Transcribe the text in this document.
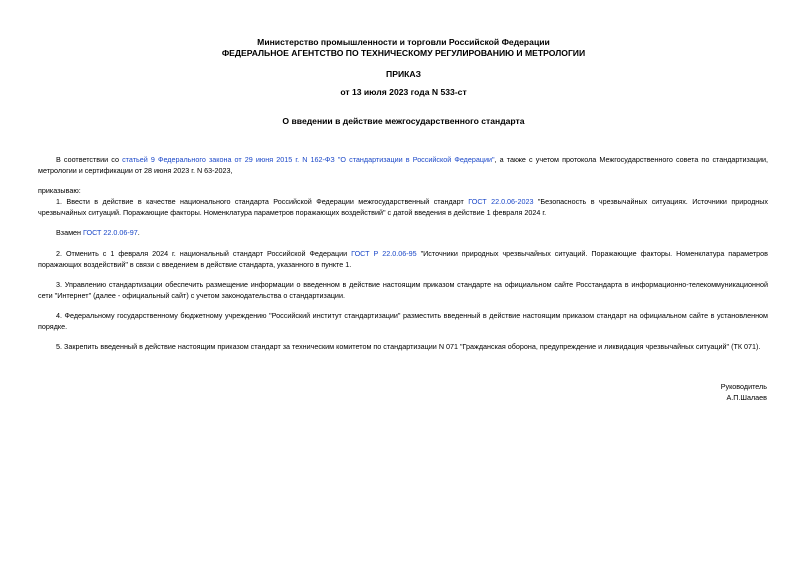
Министерство промышленности и торговли Российской Федерации
ФЕДЕРАЛЬНОЕ АГЕНТСТВО ПО ТЕХНИЧЕСКОМУ РЕГУЛИРОВАНИЮ И МЕТРОЛОГИИ
ПРИКАЗ
от 13 июля 2023 года N 533-ст
О введении в действие межгосударственного стандарта
В соответствии со статьей 9 Федерального закона от 29 июня 2015 г. N 162-ФЗ "О стандартизации в Российской Федерации", а также с учетом протокола Межгосударственного совета по стандартизации, метрологии и сертификации от 28 июня 2023 г. N 63-2023,
приказываю:
1. Ввести в действие в качестве национального стандарта Российской Федерации межгосударственный стандарт ГОСТ 22.0.06-2023 "Безопасность в чрезвычайных ситуациях. Источники природных чрезвычайных ситуаций. Поражающие факторы. Номенклатура параметров поражающих воздействий" с датой введения в действие 1 февраля 2024 г.
Взамен ГОСТ 22.0.06-97.
2. Отменить с 1 февраля 2024 г. национальный стандарт Российской Федерации ГОСТ Р 22.0.06-95 "Источники природных чрезвычайных ситуаций. Поражающие факторы. Номенклатура параметров поражающих воздействий" в связи с введением в действие стандарта, указанного в пункте 1.
3. Управлению стандартизации обеспечить размещение информации о введенном в действие настоящим приказом стандарте на официальном сайте Росстандарта в информационно-телекоммуникационной сети "Интернет" (далее - официальный сайт) с учетом законодательства о стандартизации.
4. Федеральному государственному бюджетному учреждению "Российский институт стандартизации" разместить введенный в действие настоящим приказом стандарт на официальном сайте в установленном порядке.
5. Закрепить введенный в действие настоящим приказом стандарт за техническим комитетом по стандартизации N 071 "Гражданская оборона, предупреждение и ликвидация чрезвычайных ситуаций" (ТК 071).
Руководитель
А.П.Шалаев
